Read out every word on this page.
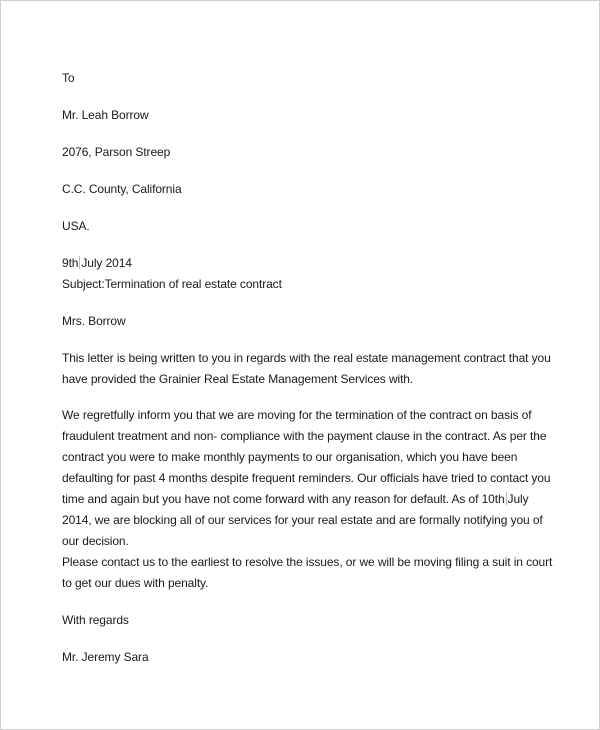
To

Mr. Leah Borrow

2076, Parson Streep

C.C. County, California

USA.

9th July 2014

Subject:Termination of real estate contract

Mrs. Borrow

This letter is being written to you in regards with the real estate management contract that you

have provided the Grainier Real Estate Management Services with.

We regretfully inform you that we are moving for the termination of the contract on basis of

fraudulent treatment and non- compliance with the payment clause in the contract. As per the

contract you were to make monthly payments to our organisation, which you have been

defaulting for past 4 months despite frequent reminders. Our officials have tried to contact you

time and again but you have not come forward with any reason for default. As of 10th July

2014, we are blocking all of our services for your real estate and are formally notifying you of

our decision.

Please contact us to the earliest to resolve the issues, or we will be moving filing a suit in court

to get our dues with penalty.

With regards

Mr. Jeremy Sara
